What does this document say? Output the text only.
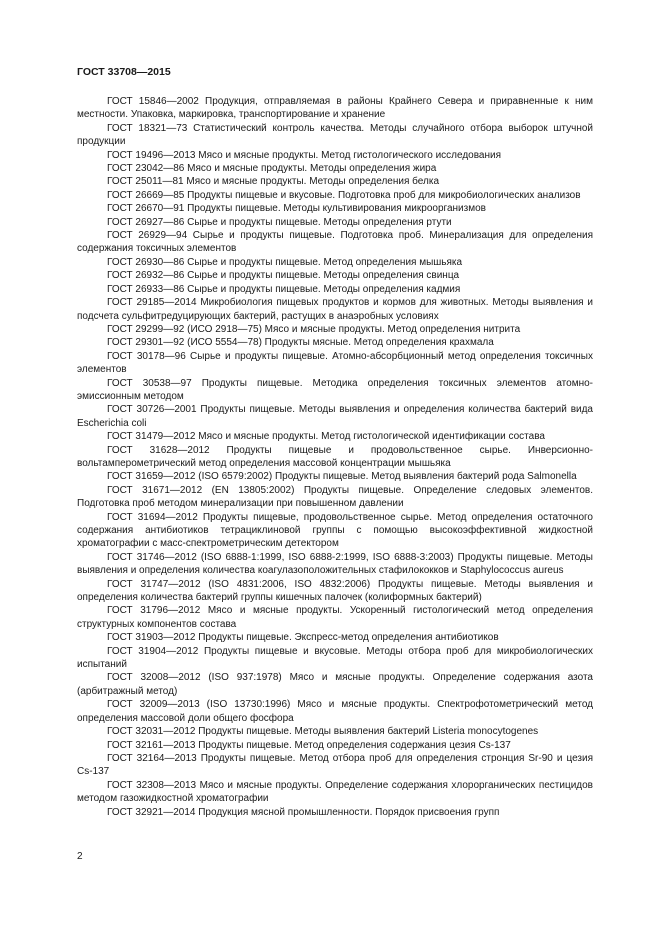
ГОСТ 33708—2015

ГОСТ 15846—2002 Продукция, отправляемая в районы Крайнего Севера и приравненные к ним местности. Упаковка, маркировка, транспортирование и хранение

ГОСТ 18321—73 Статистический контроль качества. Методы случайного отбора выборок штучной продукции

ГОСТ 19496—2013 Мясо и мясные продукты. Метод гистологического исследования

ГОСТ 23042—86 Мясо и мясные продукты. Методы определения жира

ГОСТ 25011—81 Мясо и мясные продукты. Методы определения белка

ГОСТ 26669—85 Продукты пищевые и вкусовые. Подготовка проб для микробиологических анализов

ГОСТ 26670—91 Продукты пищевые. Методы культивирования микроорганизмов

ГОСТ 26927—86 Сырье и продукты пищевые. Методы определения ртути

ГОСТ 26929—94 Сырье и продукты пищевые. Подготовка проб. Минерализация для определения содержания токсичных элементов

ГОСТ 26930—86 Сырье и продукты пищевые. Метод определения мышьяка

ГОСТ 26932—86 Сырье и продукты пищевые. Методы определения свинца

ГОСТ 26933—86 Сырье и продукты пищевые. Методы определения кадмия

ГОСТ 29185—2014 Микробиология пищевых продуктов и кормов для животных. Методы выявления и подсчета сульфитредуцирующих бактерий, растущих в анаэробных условиях

ГОСТ 29299—92 (ИСО 2918—75) Мясо и мясные продукты. Метод определения нитрита

ГОСТ 29301—92 (ИСО 5554—78) Продукты мясные. Метод определения крахмала

ГОСТ 30178—96 Сырье и продукты пищевые. Атомно-абсорбционный метод определения токсичных элементов

ГОСТ 30538—97 Продукты пищевые. Методика определения токсичных элементов атомно-эмиссионным методом

ГОСТ 30726—2001 Продукты пищевые. Методы выявления и определения количества бактерий вида Escherichia coli

ГОСТ 31479—2012 Мясо и мясные продукты. Метод гистологической идентификации состава

ГОСТ 31628—2012 Продукты пищевые и продовольственное сырье. Инверсионно-вольтамперометрический метод определения массовой концентрации мышьяка

ГОСТ 31659—2012 (ISO 6579:2002) Продукты пищевые. Метод выявления бактерий рода Salmonella

ГОСТ 31671—2012 (EN 13805:2002) Продукты пищевые. Определение следовых элементов. Подготовка проб методом минерализации при повышенном давлении

ГОСТ 31694—2012 Продукты пищевые, продовольственное сырье. Метод определения остаточного содержания антибиотиков тетрациклиновой группы с помощью высокоэффективной жидкостной хроматографии с масс-спектрометрическим детектором

ГОСТ 31746—2012 (ISO 6888-1:1999, ISO 6888-2:1999, ISO 6888-3:2003) Продукты пищевые. Методы выявления и определения количества коагулазоположительных стафилококков и Staphylococcus aureus

ГОСТ 31747—2012 (ISO 4831:2006, ISO 4832:2006) Продукты пищевые. Методы выявления и определения количества бактерий группы кишечных палочек (колиформных бактерий)

ГОСТ 31796—2012 Мясо и мясные продукты. Ускоренный гистологический метод определения структурных компонентов состава

ГОСТ 31903—2012 Продукты пищевые. Экспресс-метод определения антибиотиков

ГОСТ 31904—2012 Продукты пищевые и вкусовые. Методы отбора проб для микробиологических испытаний

ГОСТ 32008—2012 (ISO 937:1978) Мясо и мясные продукты. Определение содержания азота (арбитражный метод)

ГОСТ 32009—2013 (ISO 13730:1996) Мясо и мясные продукты. Спектрофотометрический метод определения массовой доли общего фосфора

ГОСТ 32031—2012 Продукты пищевые. Методы выявления бактерий Listeria monocytogenes

ГОСТ 32161—2013 Продукты пищевые. Метод определения содержания цезия Cs-137

ГОСТ 32164—2013 Продукты пищевые. Метод отбора проб для определения стронция Sr-90 и цезия Cs-137

ГОСТ 32308—2013 Мясо и мясные продукты. Определение содержания хлорорганических пестицидов методом газожидкостной хроматографии

ГОСТ 32921—2014 Продукция мясной промышленности. Порядок присвоения групп

2
